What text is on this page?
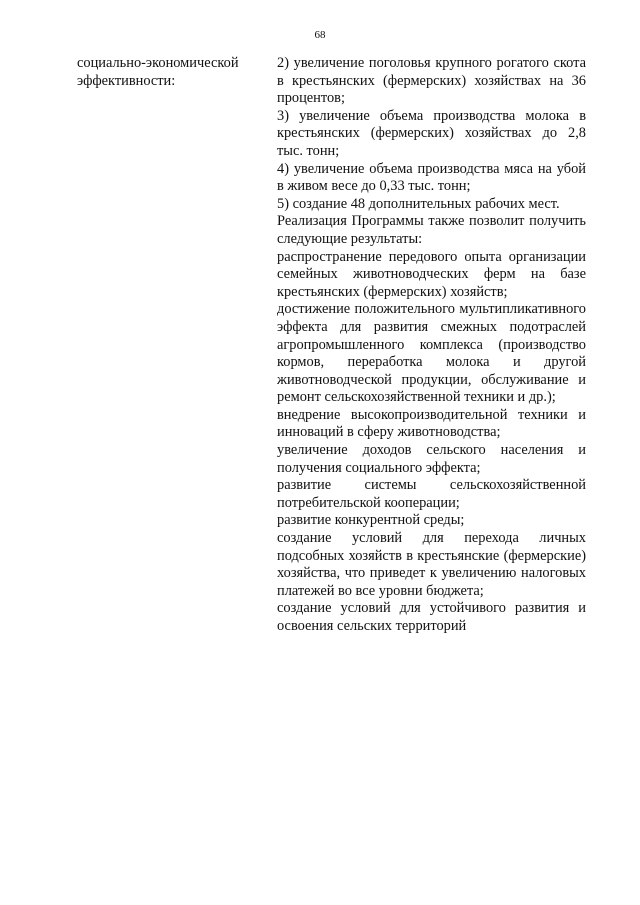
68

социально-экономической эффективности:

2) увеличение поголовья крупного рогатого скота в крестьянских (фермерских) хозяйствах на 36 процентов;

3) увеличение объема производства молока в крестьянских (фермерских) хозяйствах до 2,8 тыс. тонн;

4) увеличение объема производства мяса на убой в живом весе до 0,33 тыс. тонн;

5) создание 48 дополнительных рабочих мест.

Реализация Программы также позволит получить следующие результаты:

распространение передового опыта организации семейных животноводческих ферм на базе крестьянских (фермерских) хозяйств;

достижение положительного мультипликативного эффекта для развития смежных подотраслей агропромышленного комплекса (производство кормов, переработка молока и другой животноводческой продукции, обслуживание и ремонт сельскохозяйственной техники и др.);

внедрение высокопроизводительной техники и инноваций в сферу животноводства;

увеличение доходов сельского населения и получения социального эффекта;

развитие системы сельскохозяйственной потребительской кооперации;

развитие конкурентной среды;

создание условий для перехода личных подсобных хозяйств в крестьянские (фермерские) хозяйства, что приведет к увеличению налоговых платежей во все уровни бюджета;

создание условий для устойчивого развития и освоения сельских территорий
